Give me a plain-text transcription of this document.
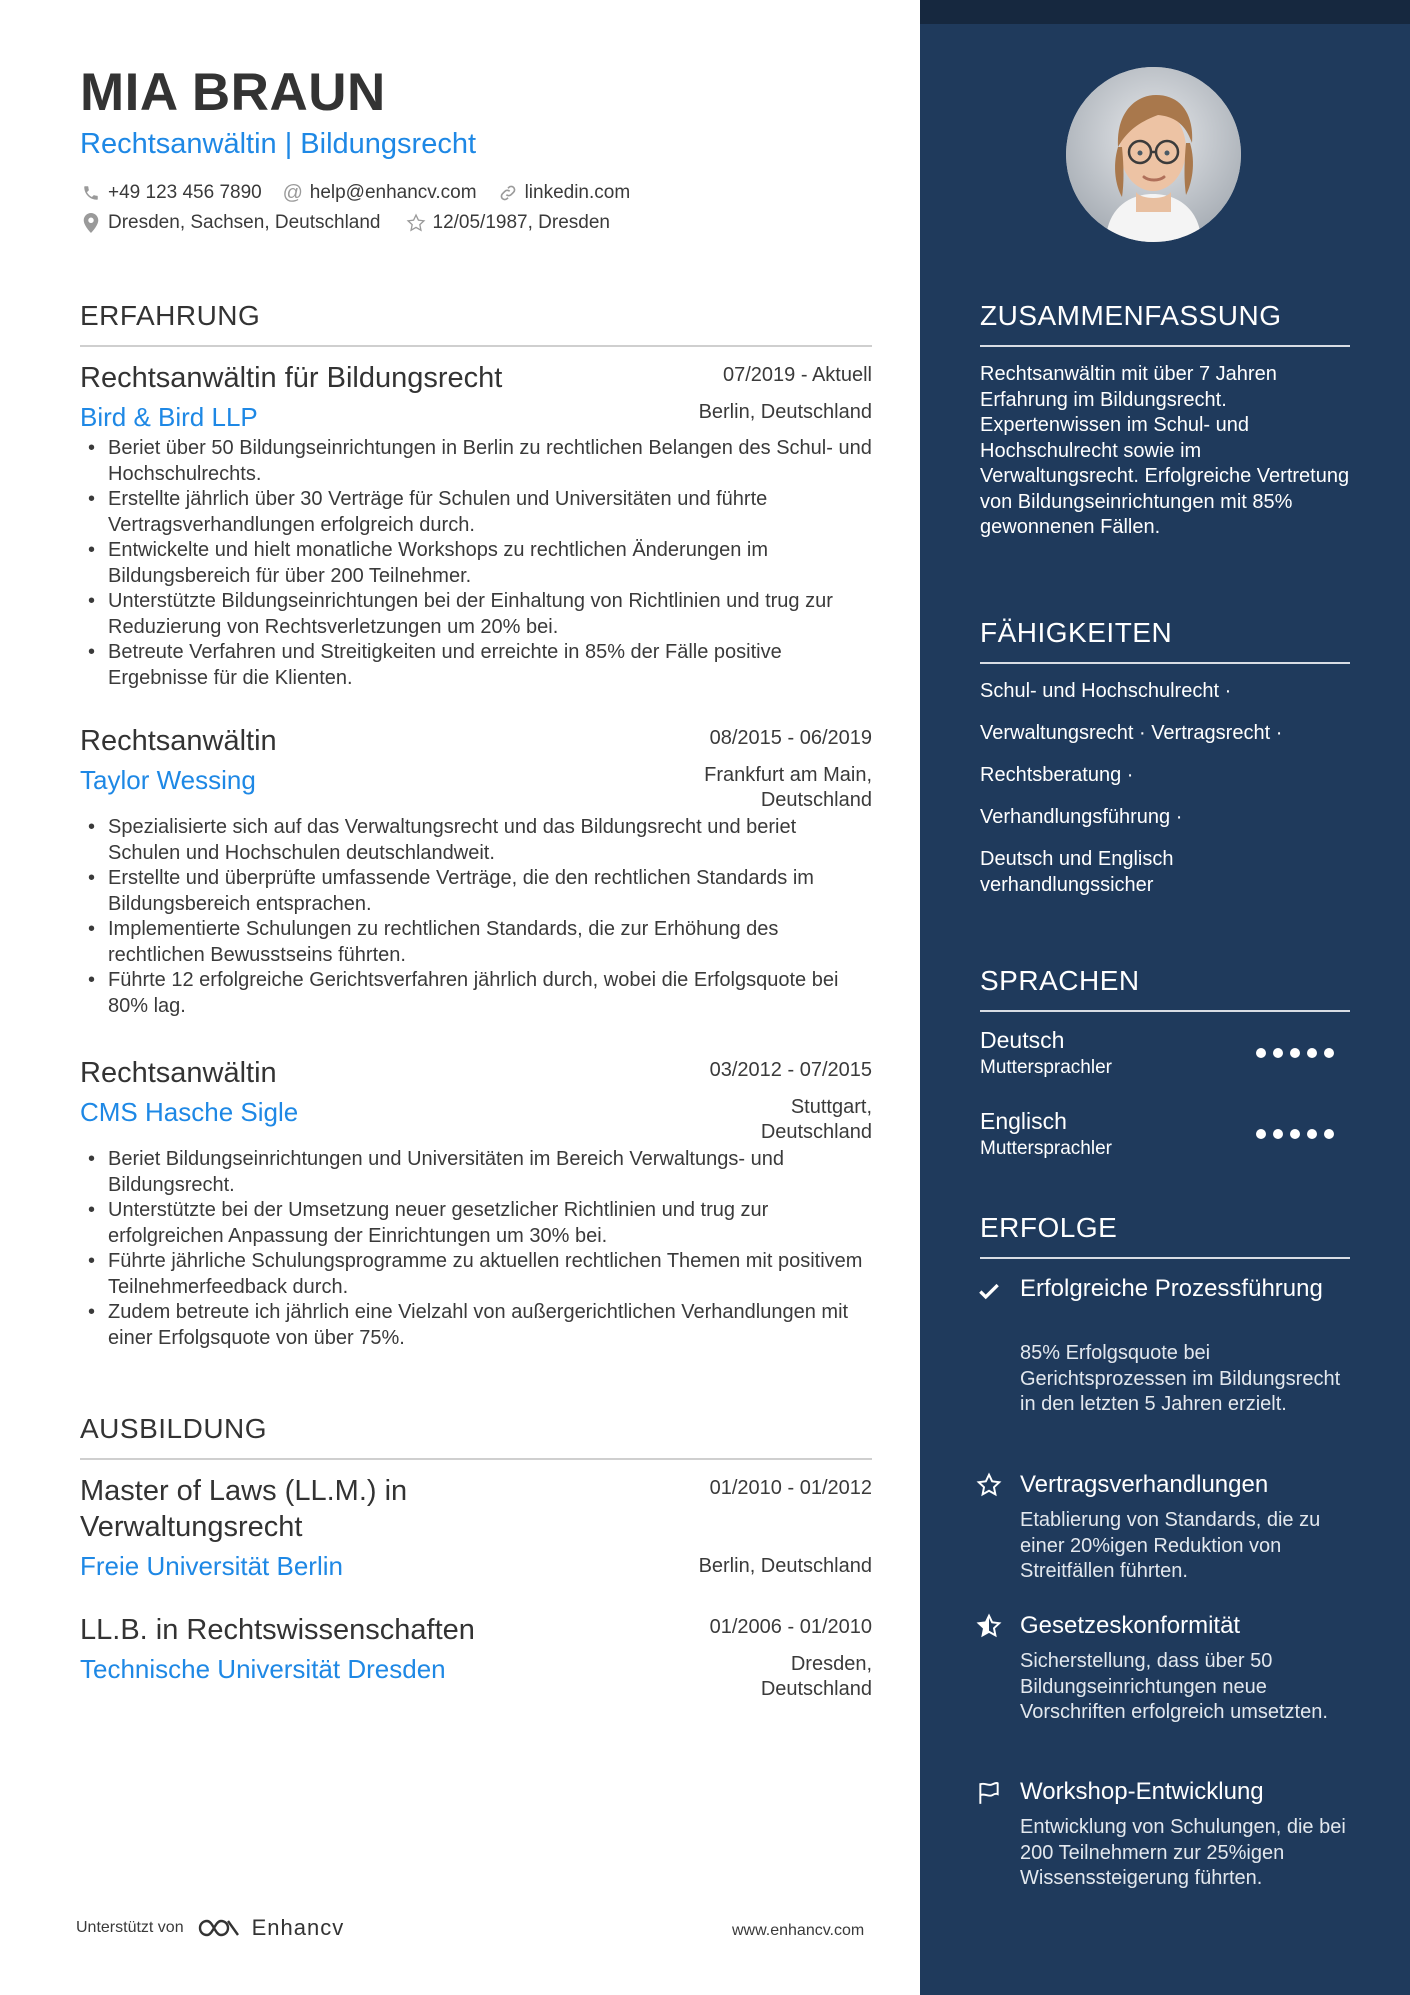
MIA BRAUN
Rechtsanwältin | Bildungsrecht
+49 123 456 7890 @ help@enhancv.com	linkedin.com
Dresden, Sachsen, Deutschland	12/05/1987, Dresden
ERFAHRUNG
Rechtsanwältin für Bildungsrecht	07/2019 - Aktuell
Bird & Bird LLP	Berlin, Deutschland
• Beriet über 50 Bildungseinrichtungen in Berlin zu rechtlichen Belangen des Schul- und Hochschulrechts.
• Erstellte jährlich über 30 Verträge für Schulen und Universitäten und führte Vertragsverhandlungen erfolgreich durch.
• Entwickelte und hielt monatliche Workshops zu rechtlichen Änderungen im Bildungsbereich für über 200 Teilnehmer.
• Unterstützte Bildungseinrichtungen bei der Einhaltung von Richtlinien und trug zur Reduzierung von Rechtsverletzungen um 20% bei.
• Betreute Verfahren und Streitigkeiten und erreichte in 85% der Fälle positive Ergebnisse für die Klienten.
Rechtsanwältin	08/2015 - 06/2019
Taylor Wessing	Frankfurt am Main,
Deutschland
• Spezialisierte sich auf das Verwaltungsrecht und das Bildungsrecht und beriet Schulen und Hochschulen deutschlandweit.
• Erstellte und überprüfte umfassende Verträge, die den rechtlichen Standards im Bildungsbereich entsprachen.
• Implementierte Schulungen zu rechtlichen Standards, die zur Erhöhung des rechtlichen Bewusstseins führten.
• Führte 12 erfolgreiche Gerichtsverfahren jährlich durch, wobei die Erfolgsquote bei 80% lag.
Rechtsanwältin	03/2012 - 07/2015
CMS Hasche Sigle	Stuttgart,
Deutschland
• Beriet Bildungseinrichtungen und Universitäten im Bereich Verwaltungs- und Bildungsrecht.
• Unterstützte bei der Umsetzung neuer gesetzlicher Richtlinien und trug zur erfolgreichen Anpassung der Einrichtungen um 30% bei.
• Führte jährliche Schulungsprogramme zu aktuellen rechtlichen Themen mit positivem Teilnehmerfeedback durch.
• Zudem betreute ich jährlich eine Vielzahl von außergerichtlichen Verhandlungen mit einer Erfolgsquote von über 75%.
AUSBILDUNG
Master of Laws (LL.M.) in
Verwaltungsrecht
01/2010 - 01/2012
Freie Universität Berlin	Berlin, Deutschland
LL.B. in Rechtswissenschaften	01/2006 - 01/2010
Technische Universität Dresden	Dresden,
Deutschland
Unterstützt von	Enhancv	www.enhancv.com
ZUSAMMENFASSUNG
Rechtsanwältin mit über 7 Jahren Erfahrung im Bildungsrecht. Expertenwissen im Schul- und Hochschulrecht sowie im Verwaltungsrecht. Erfolgreiche Vertretung von Bildungseinrichtungen mit 85% gewonnenen Fällen.
FÄHIGKEITEN
Schul- und Hochschulrecht ·
Verwaltungsrecht · Vertragsrecht ·
Rechtsberatung ·
Verhandlungsführung ·
Deutsch und Englisch verhandlungssicher
SPRACHEN
Deutsch
Muttersprachler
Englisch
Muttersprachler
ERFOLGE
Erfolgreiche Prozessführung
85% Erfolgsquote bei Gerichtsprozessen im Bildungsrecht in den letzten 5 Jahren erzielt.
Vertragsverhandlungen
Etablierung von Standards, die zu einer 20%igen Reduktion von Streitfällen führten.
Gesetzeskonformität
Sicherstellung, dass über 50 Bildungseinrichtungen neue Vorschriften erfolgreich umsetzten.
Workshop-Entwicklung
Entwicklung von Schulungen, die bei 200 Teilnehmern zur 25%igen Wissenssteigerung führten.
